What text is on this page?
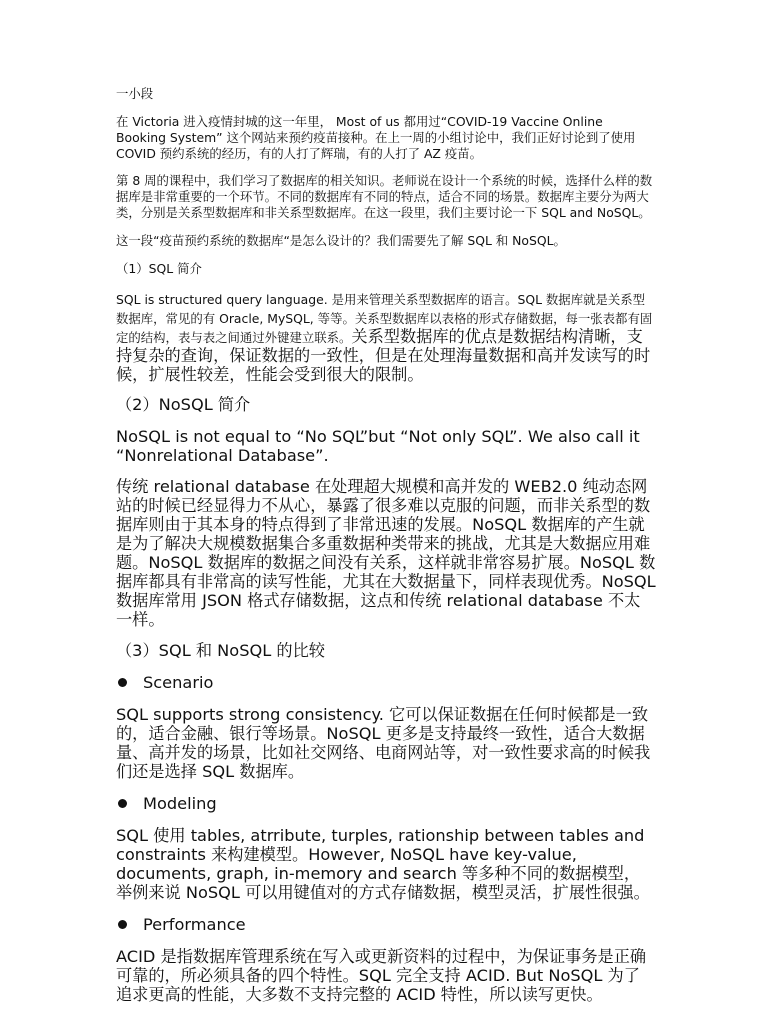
一小段

在 Victoria 进入疫情封城的这一年里， Most of us 都用过“COVID-19 Vaccine Online Booking System” 这个网站来预约疫苗接种。在上一周的小组讨论中，我们正好讨论到了使用 COVID 预约系统的经历，有的人打了辉瑞，有的人打了 AZ 疫苗。

第 8 周的课程中，我们学习了数据库的相关知识。老师说在设计一个系统的时候，选择什么样的数据库是非常重要的一个环节。不同的数据库有不同的特点，适合不同的场景。数据库主要分为两大类，分别是关系型数据库和非关系型数据库。在这一段里，我们主要讨论一下 SQL and NoSQL。

这一段“疫苗预约系统的数据库“是怎么设计的？我们需要先了解 SQL 和 NoSQL。

（1）SQL 简介

SQL is structured query language. 是用来管理关系型数据库的语言。SQL 数据库就是关系型数据库，常见的有 Oracle, MySQL, 等等。关系型数据库以表格的形式存储数据，每一张表都有固定的结构，表与表之间通过外键建立联系。关系型数据库的优点是数据结构清晰，支持复杂的查询，保证数据的一致性，但是在处理海量数据和高并发读写的时候，扩展性较差，性能会受到很大的限制。

（2）NoSQL 简介

NoSQL is not equal to “No SQL”but “Not only SQL”. We also call it “Nonrelational Database”.

传统 relational database 在处理超大规模和高并发的 WEB2.0 纯动态网站的时候已经显得力不从心，暴露了很多难以克服的问题，而非关系型的数据库则由于其本身的特点得到了非常迅速的发展。NoSQL 数据库的产生就是为了解决大规模数据集合多重数据种类带来的挑战，尤其是大数据应用难题。NoSQL 数据库的数据之间没有关系，这样就非常容易扩展。NoSQL 数据库都具有非常高的读写性能，尤其在大数据量下，同样表现优秀。NoSQL 数据库常用 JSON 格式存储数据，这点和传统 relational database 不太一样。

（3）SQL 和 NoSQL 的比较

Scenario

SQL supports strong consistency. 它可以保证数据在任何时候都是一致的，适合金融、银行等场景。NoSQL 更多是支持最终一致性，适合大数据量、高并发的场景，比如社交网络、电商网站等，对一致性要求高的时候我们还是选择 SQL 数据库。

Modeling

SQL 使用 tables, atrribute, turples, rationship between tables and constraints 来构建模型。However, NoSQL have key-value, documents, graph, in-memory and search 等多种不同的数据模型，举例来说 NoSQL 可以用键值对的方式存储数据，模型灵活，扩展性很强。

Performance

ACID 是指数据库管理系统在写入或更新资料的过程中，为保证事务是正确可靠的，所必须具备的四个特性。SQL 完全支持 ACID. But NoSQL 为了追求更高的性能，大多数不支持完整的 ACID 特性，所以读写更快。
